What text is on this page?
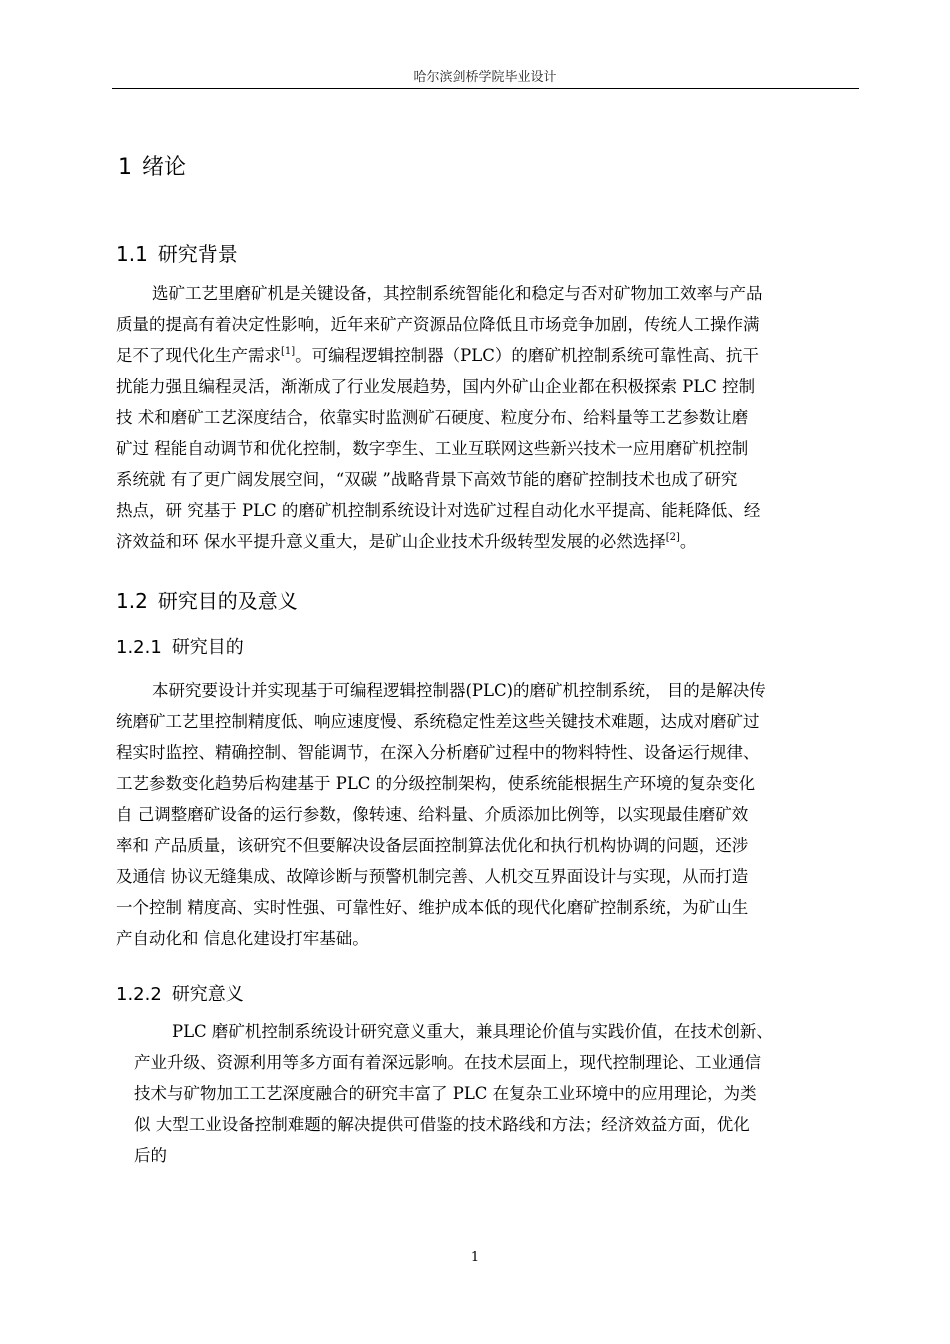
哈尔滨剑桥学院毕业设计
1 绪论
1.1 研究背景
选矿工艺里磨矿机是关键设备，其控制系统智能化和稳定与否对矿物加工效率与产品
质量的提高有着决定性影响，近年来矿产资源品位降低且市场竞争加剧，传统人工操作满
足不了现代化生产需求[1]。可编程逻辑控制器（PLC）的磨矿机控制系统可靠性高、抗干
扰能力强且编程灵活，渐渐成了行业发展趋势，国内外矿山企业都在积极探索 PLC 控制
技 术和磨矿工艺深度结合，依靠实时监测矿石硬度、粒度分布、给料量等工艺参数让磨
矿过 程能自动调节和优化控制，数字孪生、工业互联网这些新兴技术一应用磨矿机控制
系统就 有了更广阔发展空间，“双碳 ”战略背景下高效节能的磨矿控制技术也成了研究
热点，研 究基于 PLC 的磨矿机控制系统设计对选矿过程自动化水平提高、能耗降低、经
济效益和环 保水平提升意义重大，是矿山企业技术升级转型发展的必然选择[2]。
1.2 研究目的及意义
1.2.1 研究目的
本研究要设计并实现基于可编程逻辑控制器(PLC)的磨矿机控制系统， 目的是解决传
统磨矿工艺里控制精度低、响应速度慢、系统稳定性差这些关键技术难题，达成对磨矿过
程实时监控、精确控制、智能调节，在深入分析磨矿过程中的物料特性、设备运行规律、
工艺参数变化趋势后构建基于 PLC 的分级控制架构，使系统能根据生产环境的复杂变化
自 己调整磨矿设备的运行参数，像转速、给料量、介质添加比例等，以实现最佳磨矿效
率和 产品质量，该研究不但要解决设备层面控制算法优化和执行机构协调的问题，还涉
及通信 协议无缝集成、故障诊断与预警机制完善、人机交互界面设计与实现，从而打造
一个控制 精度高、实时性强、可靠性好、维护成本低的现代化磨矿控制系统，为矿山生
产自动化和 信息化建设打牢基础。
1.2.2 研究意义
PLC 磨矿机控制系统设计研究意义重大，兼具理论价值与实践价值，在技术创新、
产业升级、资源利用等多方面有着深远影响。在技术层面上，现代控制理论、工业通信
技术与矿物加工工艺深度融合的研究丰富了 PLC 在复杂工业环境中的应用理论，为类
似 大型工业设备控制难题的解决提供可借鉴的技术路线和方法；经济效益方面，优化
后的
1
